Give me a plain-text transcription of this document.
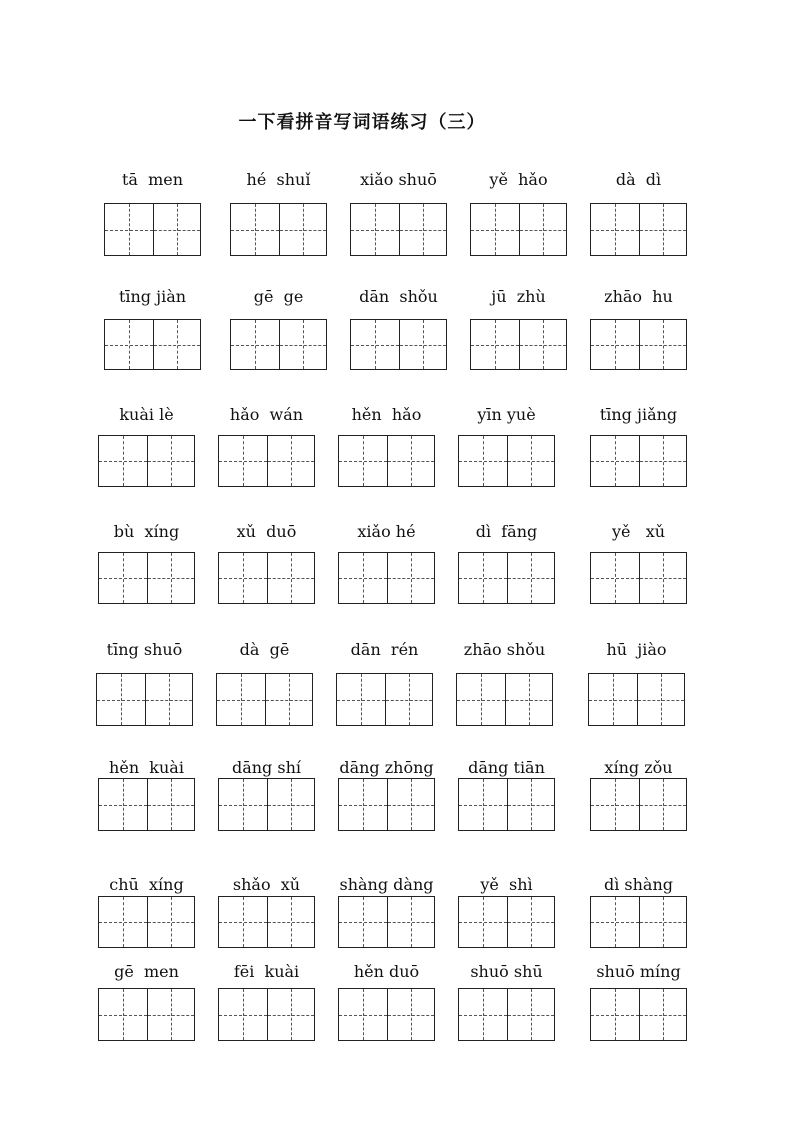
一下看拼音写词语练习（三）
tā  men	hé  shuǐ	xiǎo shuō	yě  hǎo	dà  dì
tīng jiàn	gē  ge	dān  shǒu	jū  zhù	zhāo  hu
kuài lè	hǎo  wán	hěn  hǎo	yīn yuè	tīng jiǎng
bù  xíng	xǔ  duō	xiǎo hé	dì  fāng	yě   xǔ
tīng shuō	dà  gē	dān  rén	zhāo shǒu	hū  jiào
hěn  kuài	dāng shí	dāng zhōng	dāng tiān	xíng zǒu
chū  xíng	shǎo  xǔ	shàng dàng	yě  shì	dì shàng
gē  men	fēi  kuài	hěn duō	shuō shū	shuō míng
